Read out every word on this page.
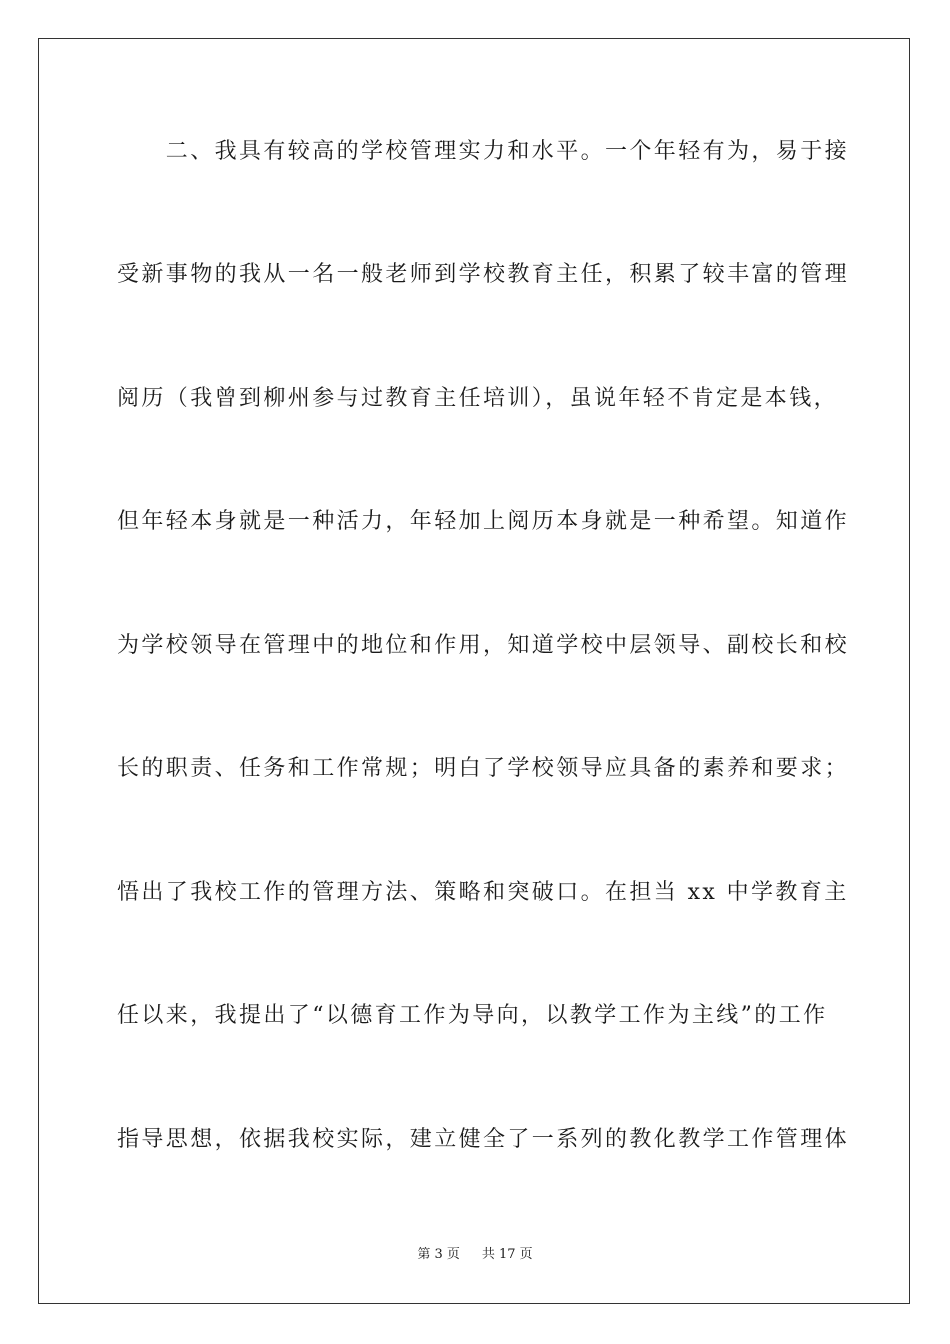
　　二、我具有较高的学校管理实力和水平。一个年轻有为，易于接
受新事物的我从一名一般老师到学校教育主任，积累了较丰富的管理
阅历（我曾到柳州参与过教育主任培训），虽说年轻不肯定是本钱，
但年轻本身就是一种活力，年轻加上阅历本身就是一种希望。知道作
为学校领导在管理中的地位和作用，知道学校中层领导、副校长和校
长的职责、任务和工作常规；明白了学校领导应具备的素养和要求；
悟出了我校工作的管理方法、策略和突破口。在担当 xx 中学教育主
任以来，我提出了“以德育工作为导向，以教学工作为主线”的工作
指导思想，依据我校实际，建立健全了一系列的教化教学工作管理体
第 3 页 共 17 页
